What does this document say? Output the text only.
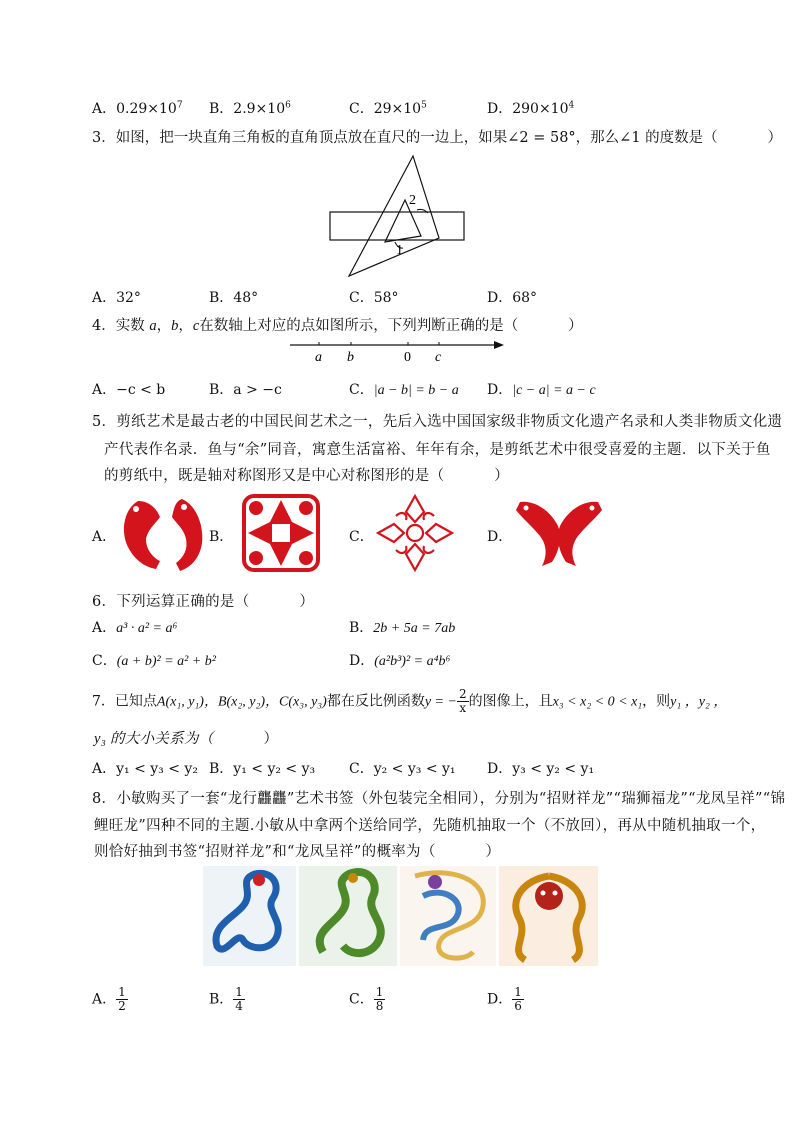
A．$0.29\times 10^7$ B．$2.9\times 10^6$	C．$29\times 10^5$	D．$290\times 10^4$
3．如图，把一块直角三角板的直角顶点放在直尺的一边上，如果∠2 = 58°，那么∠1 的度数是（	）
2
1
A．32°	B．48°	C．58°	D．68°
4．实数 a，b，c在数轴上对应的点如图所示，下列判断正确的是（	）
a b	0 c
A．−c < b	B．a > −c	C．|a − b| = b − a D．|c − a| = a − c
5．剪纸艺术是最古老的中国民间艺术之一，先后入选中国国家级非物质文化遗产名录和人类非物质文化遗
产代表作名录．鱼与“余”同音，寓意生活富裕、年年有余，是剪纸艺术中很受喜爱的主题．以下关于鱼
的剪纸中，既是轴对称图形又是中心对称图形的是（	）
A．	B．	C．	D．
6．下列运算正确的是（	）
A．a³ · a² = a⁶	B．2b + 5a = 7ab
C．(a + b)² = a² + b²	D．(a²b³)² = a⁴b⁶
7．已知点A(x₁, y₁)，B(x₂, y₂)，C(x₃, y₃)都在反比例函数y = − $\frac{2}{x}$ 的图像上，且x₃ < x₂ < 0 < x₁，则y₁ ，y₂ ，
y₃ 的大小关系为（	）
A．y₁ < y₃ < y₂ B．y₁ < y₂ < y₃ C．y₂ < y₃ < y₁ D．y₃ < y₂ < y₁
8．小敏购买了一套“龙行龘龘”艺术书签（外包装完全相同），分别为“招财祥龙”“瑞狮福龙”“龙凤呈祥”“锦
鲤旺龙”四种不同的主题.小敏从中拿两个送给同学，先随机抽取一个（不放回），再从中随机抽取一个，
则恰好抽到书签“招财祥龙”和“龙凤呈祥”的概率为（	）
A． $\frac{1}{2}$	B． $\frac{1}{4}$	C． $\frac{1}{8}$	D． $\frac{1}{6}$
